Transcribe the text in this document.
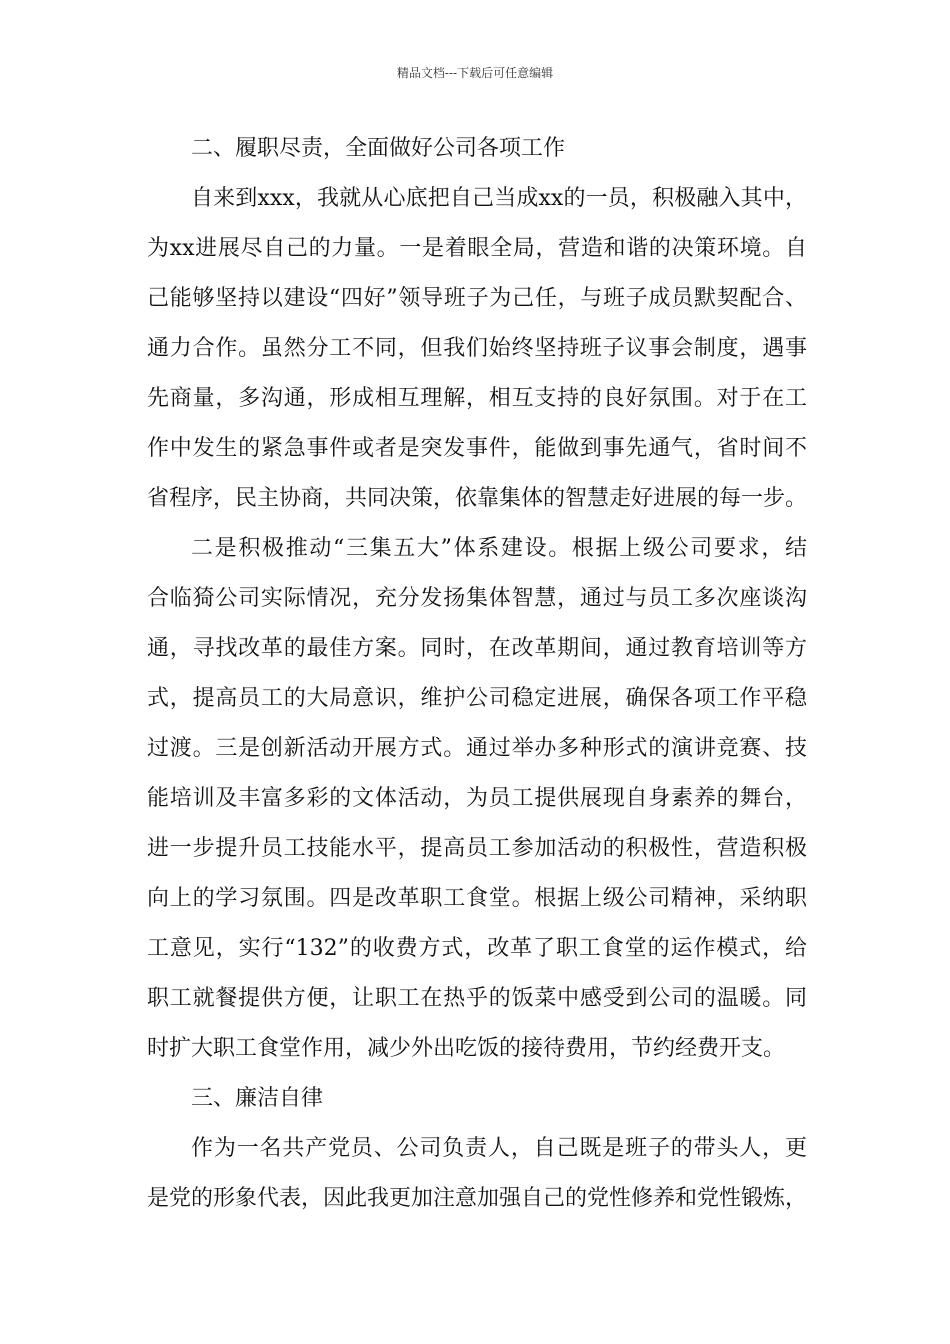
精品文档---下载后可任意编辑
二、履职尽责，全面做好公司各项工作
自来到xxx，我就从心底把自己当成xx的一员，积极融入其中，
为xx进展尽自己的力量。一是着眼全局，营造和谐的决策环境。自
己能够坚持以建设“四好”领导班子为己任，与班子成员默契配合、
通力合作。虽然分工不同，但我们始终坚持班子议事会制度，遇事
先商量，多沟通，形成相互理解，相互支持的良好氛围。对于在工
作中发生的紧急事件或者是突发事件，能做到事先通气，省时间不
省程序，民主协商，共同决策，依靠集体的智慧走好进展的每一步。
二是积极推动“三集五大”体系建设。根据上级公司要求，结
合临猗公司实际情况，充分发扬集体智慧，通过与员工多次座谈沟
通，寻找改革的最佳方案。同时，在改革期间，通过教育培训等方
式，提高员工的大局意识，维护公司稳定进展，确保各项工作平稳
过渡。三是创新活动开展方式。通过举办多种形式的演讲竞赛、技
能培训及丰富多彩的文体活动，为员工提供展现自身素养的舞台，
进一步提升员工技能水平，提高员工参加活动的积极性，营造积极
向上的学习氛围。四是改革职工食堂。根据上级公司精神，采纳职
工意见，实行“132”的收费方式，改革了职工食堂的运作模式，给
职工就餐提供方便，让职工在热乎的饭菜中感受到公司的温暖。同
时扩大职工食堂作用，减少外出吃饭的接待费用，节约经费开支。
三、廉洁自律
作为一名共产党员、公司负责人，自己既是班子的带头人，更
是党的形象代表，因此我更加注意加强自己的党性修养和党性锻炼，
